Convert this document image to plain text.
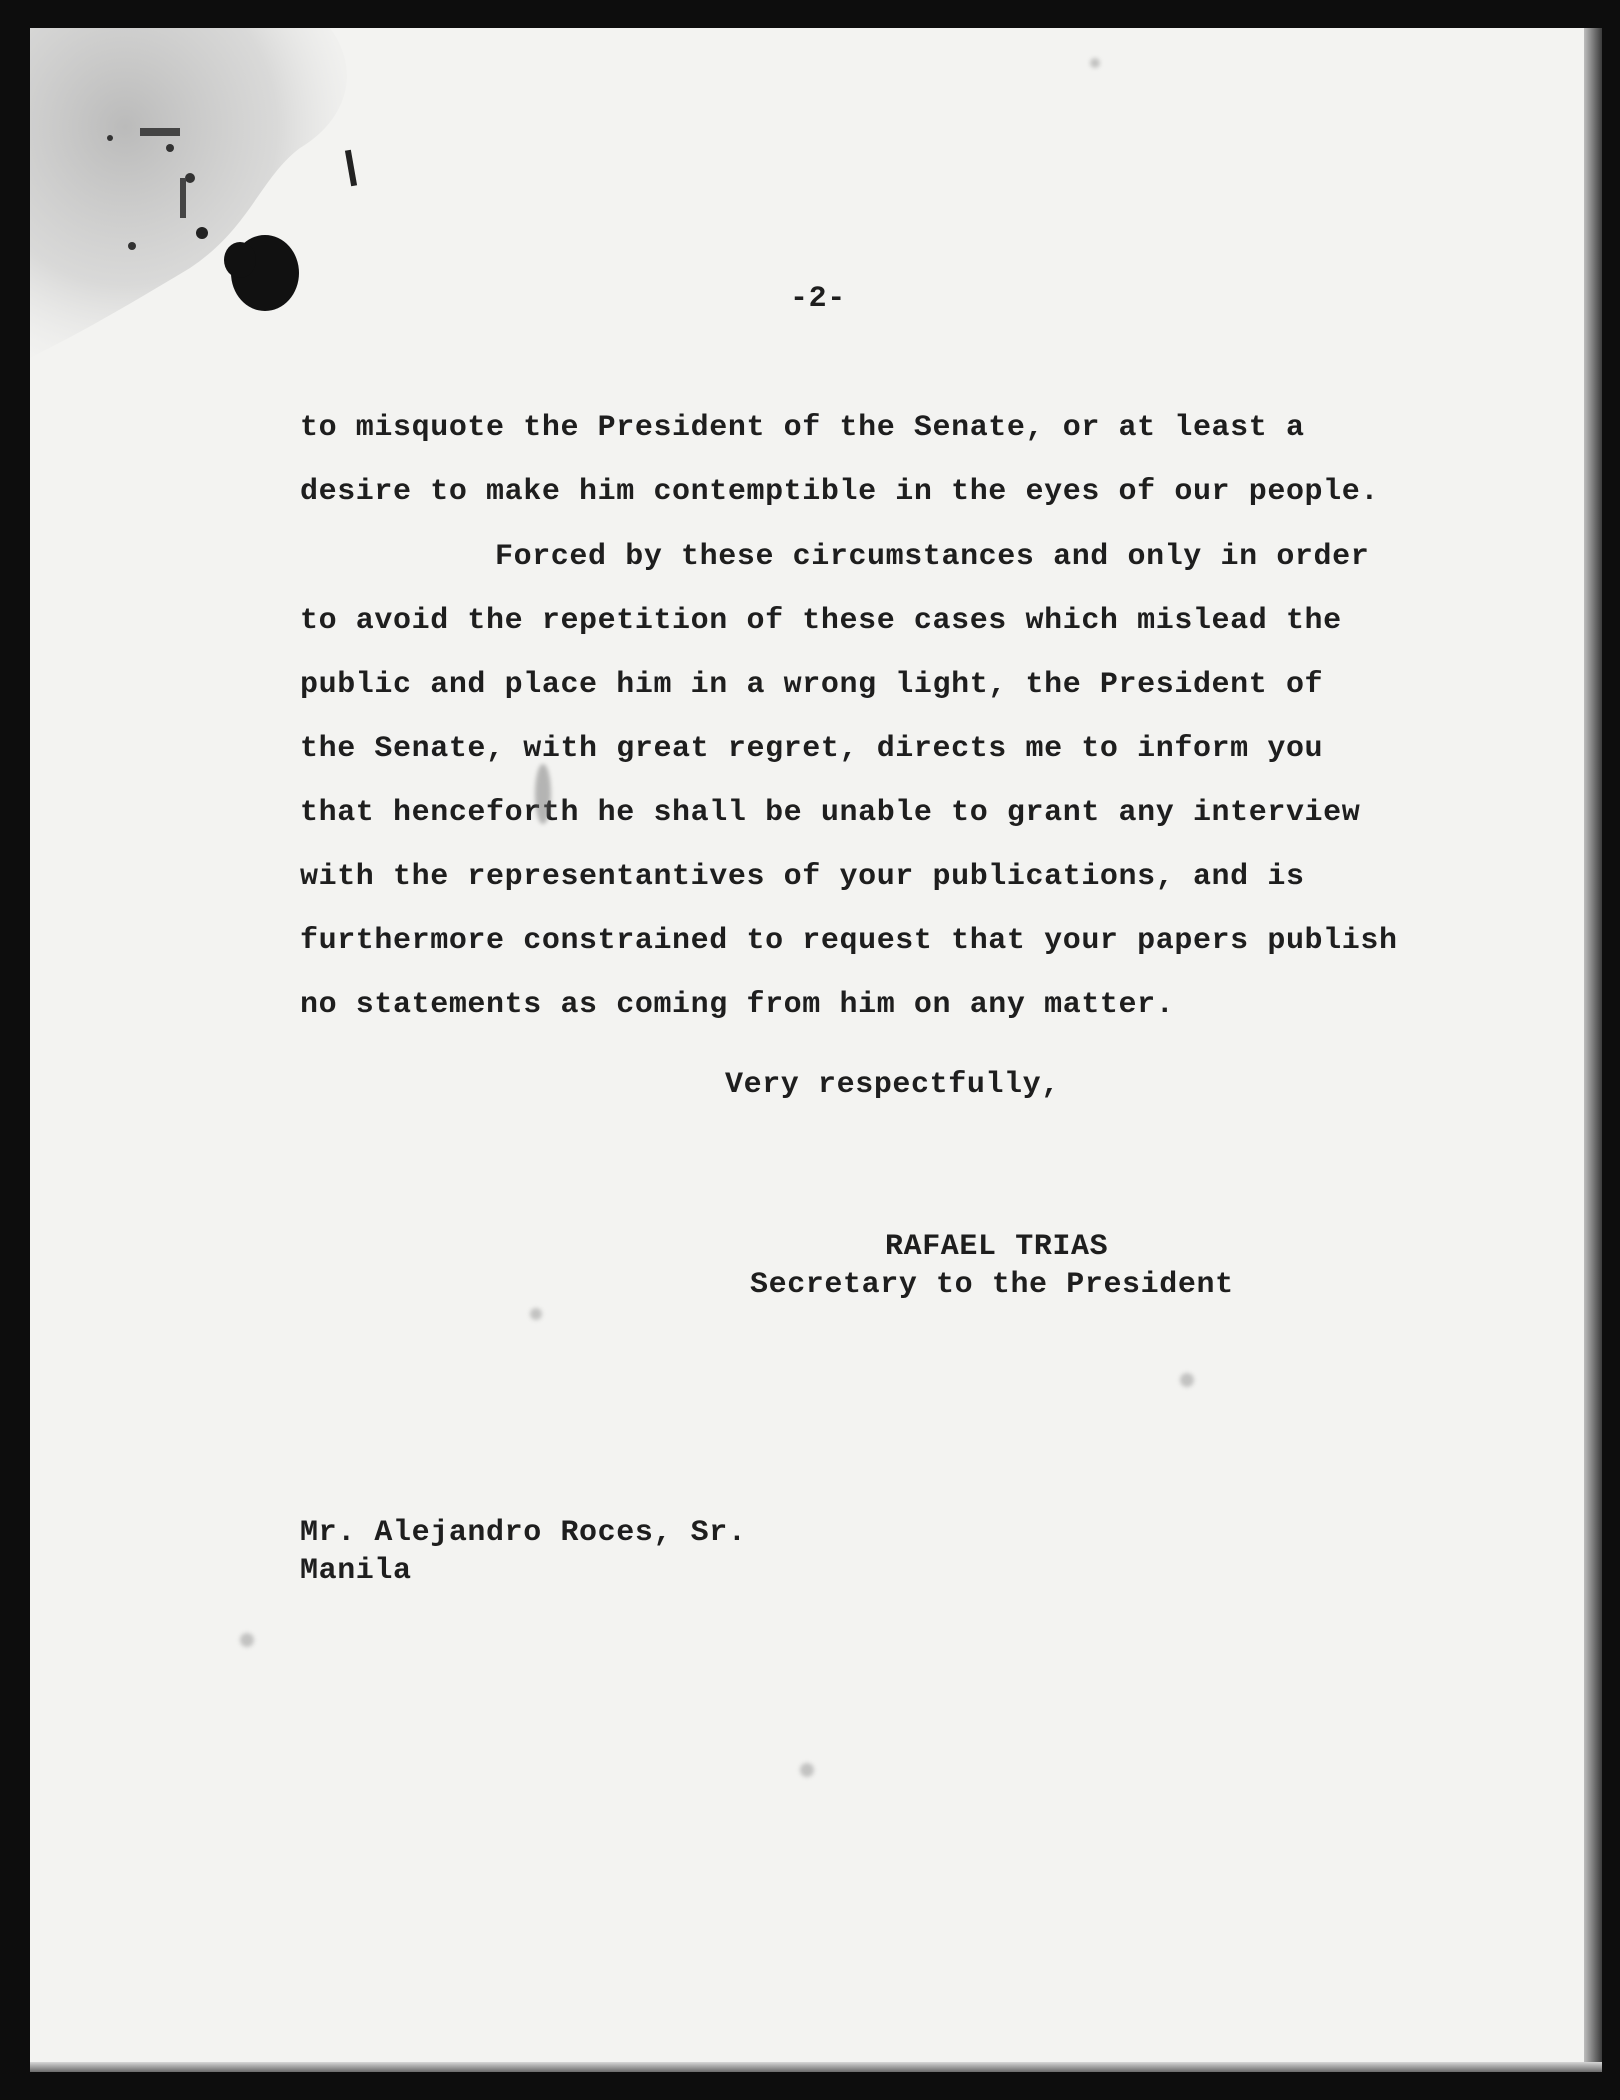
-2-
to misquote the President of the Senate, or at least a
desire to make him contemptible in the eyes of our people.
Forced by these circumstances and only in order
to avoid the repetition of these cases which mislead the
public and place him in a wrong light, the President of
the Senate, with great regret, directs me to inform you
that henceforth he shall be unable to grant any interview
with the representantives of your publications, and is
furthermore constrained to request that your papers publish
no statements as coming from him on any matter.
Very respectfully,
RAFAEL TRIAS
Secretary to the President
Mr. Alejandro Roces, Sr.
Manila
